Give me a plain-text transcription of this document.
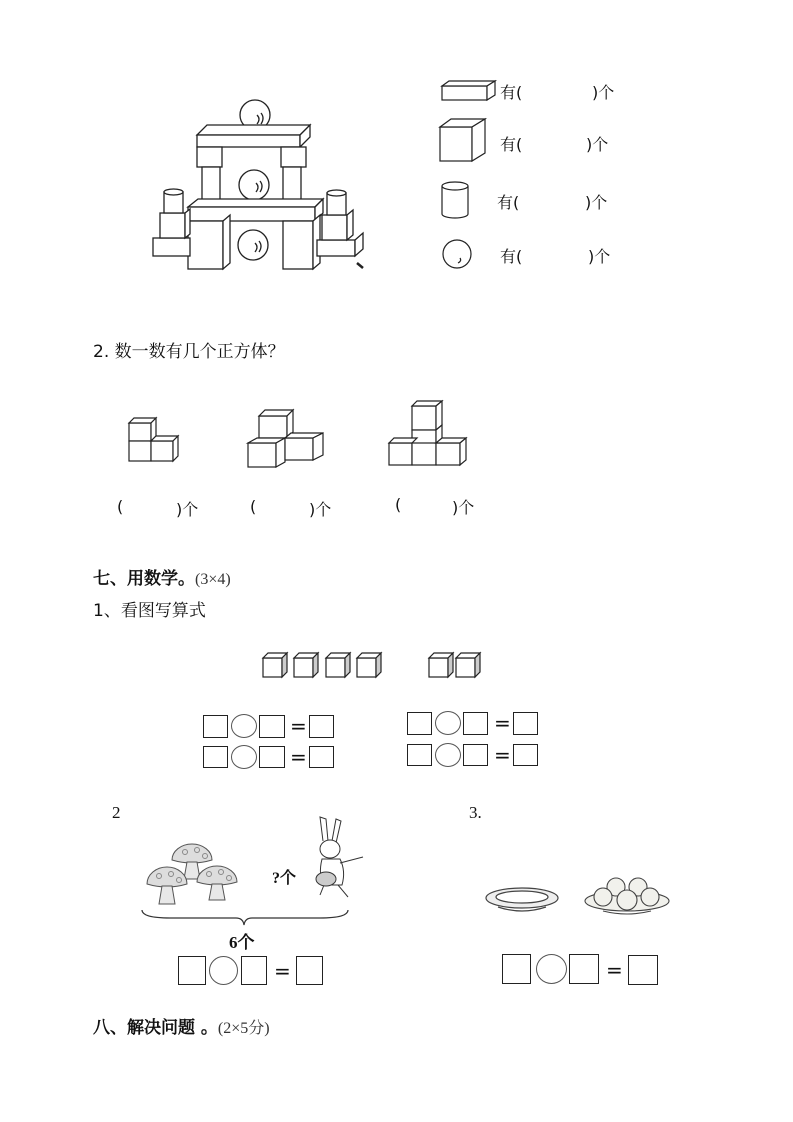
有(	)个
有(	)个
有(	)个
有(	)个
2. 数一数有几个正方体？
(	)个	(	)个	(	)个
七、用数学。(3×4)
1、看图写算式
=
=
=
=
2
?个
6个
=
3.
=
八、解决问题 。(2×5分)
